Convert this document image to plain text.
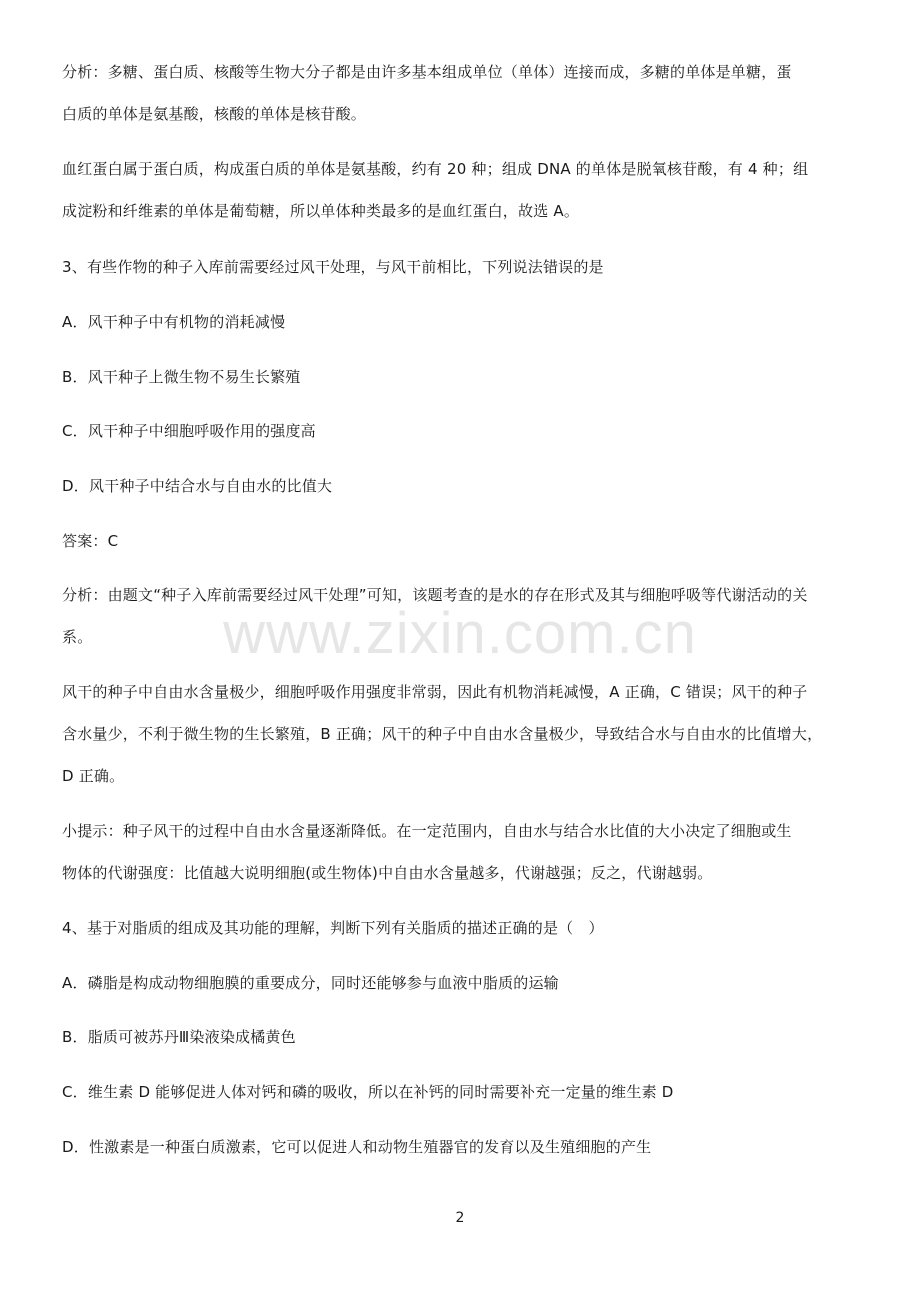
www.zixin.com.cn
分析：多糖、蛋白质、核酸等生物大分子都是由许多基本组成单位（单体）连接而成，多糖的单体是单糖，蛋
白质的单体是氨基酸，核酸的单体是核苷酸。
血红蛋白属于蛋白质，构成蛋白质的单体是氨基酸，约有 20 种；组成 DNA 的单体是脱氧核苷酸，有 4 种；组
成淀粉和纤维素的单体是葡萄糖，所以单体种类最多的是血红蛋白，故选 A。
3、有些作物的种子入库前需要经过风干处理，与风干前相比，下列说法错误的是
A．风干种子中有机物的消耗减慢
B．风干种子上微生物不易生长繁殖
C．风干种子中细胞呼吸作用的强度高
D．风干种子中结合水与自由水的比值大
答案：C
分析：由题文“种子入库前需要经过风干处理”可知，该题考查的是水的存在形式及其与细胞呼吸等代谢活动的关
系。
风干的种子中自由水含量极少，细胞呼吸作用强度非常弱，因此有机物消耗减慢，A 正确，C 错误；风干的种子
含水量少，不利于微生物的生长繁殖，B 正确；风干的种子中自由水含量极少，导致结合水与自由水的比值增大，
D 正确。
小提示：种子风干的过程中自由水含量逐渐降低。在一定范围内，自由水与结合水比值的大小决定了细胞或生
物体的代谢强度：比值越大说明细胞(或生物体)中自由水含量越多，代谢越强；反之，代谢越弱。
4、基于对脂质的组成及其功能的理解，判断下列有关脂质的描述正确的是（　）
A．磷脂是构成动物细胞膜的重要成分，同时还能够参与血液中脂质的运输
B．脂质可被苏丹Ⅲ染液染成橘黄色
C．维生素 D 能够促进人体对钙和磷的吸收，所以在补钙的同时需要补充一定量的维生素 D
D．性激素是一种蛋白质激素，它可以促进人和动物生殖器官的发育以及生殖细胞的产生
2
